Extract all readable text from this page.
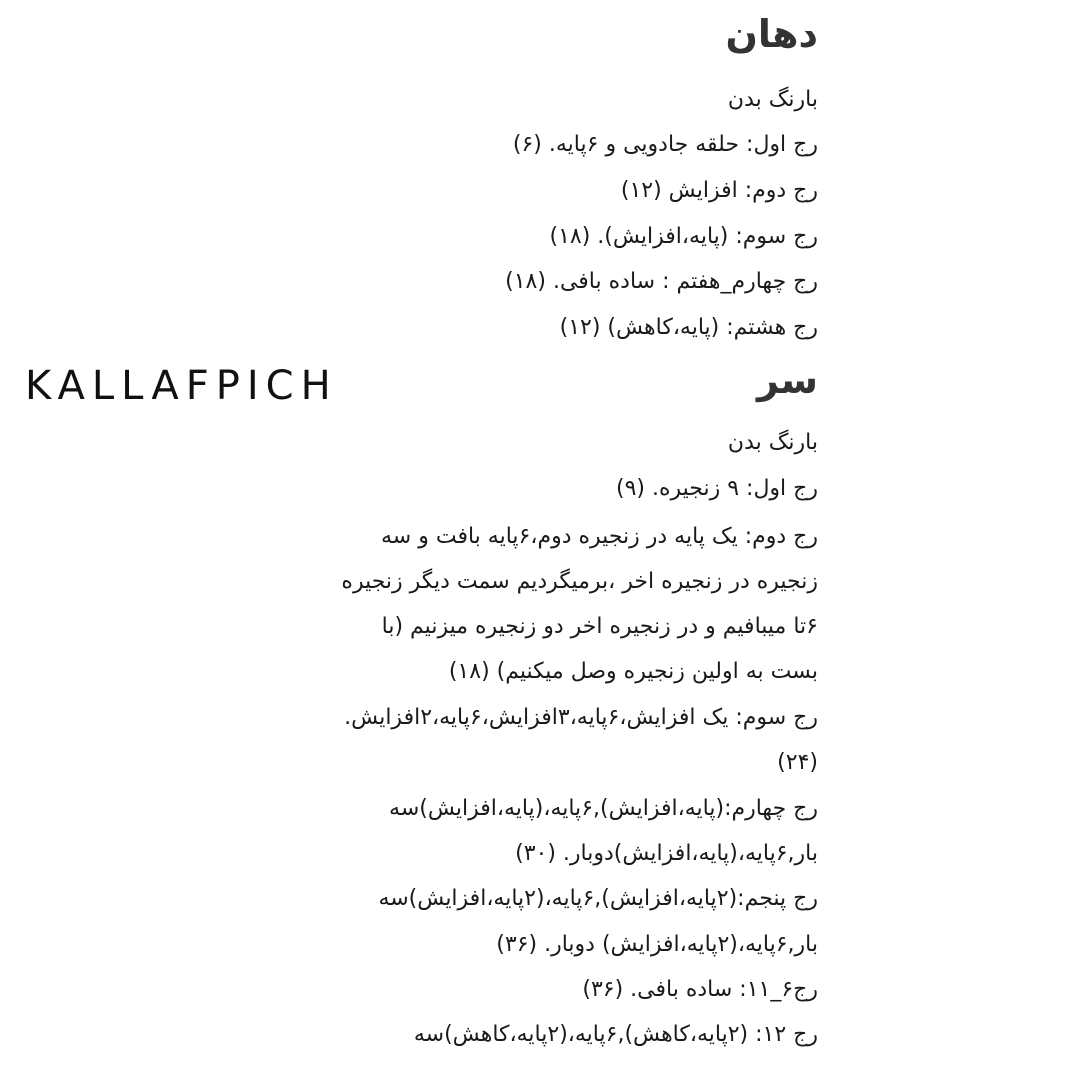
دهان
بارنگ بدن
رج اول: حلقه جادویی و ۶پایه. (۶)
رج دوم: افزایش (۱۲)
رج سوم: (پایه،افزایش). (۱۸)
رج چهارم_هفتم : ساده بافی. (۱۸)
رج هشتم: (پایه،کاهش) (۱۲)
KALLAFPICH	سر
بارنگ بدن
رج اول: ۹ زنجیره. (۹)
رج دوم: یک پایه در زنجیره دوم،۶پایه بافت و سه
زنجیره در زنجیره اخر ،برمیگردیم سمت دیگر زنجیره
۶تا میبافیم و در زنجیره اخر دو زنجیره میزنیم (با
بست به اولین زنجیره وصل میکنیم) (۱۸)
رج سوم: یک افزایش،۶پایه،۳افزایش،۶پایه،۲افزایش.
(۲۴)
رج چهارم:(پایه،افزایش),۶پایه،(پایه،افزایش)سه
بار,۶پایه،(پایه،افزایش)دوبار. (۳۰)
رج پنجم:(۲پایه،افزایش),۶پایه،(۲پایه،افزایش)سه
بار,۶پایه،(۲پایه،افزایش) دوبار. (۳۶)
رج۶_۱۱: ساده بافی. (۳۶)
رج ۱۲: (۲پایه،کاهش),۶پایه،(۲پایه،کاهش)سه
